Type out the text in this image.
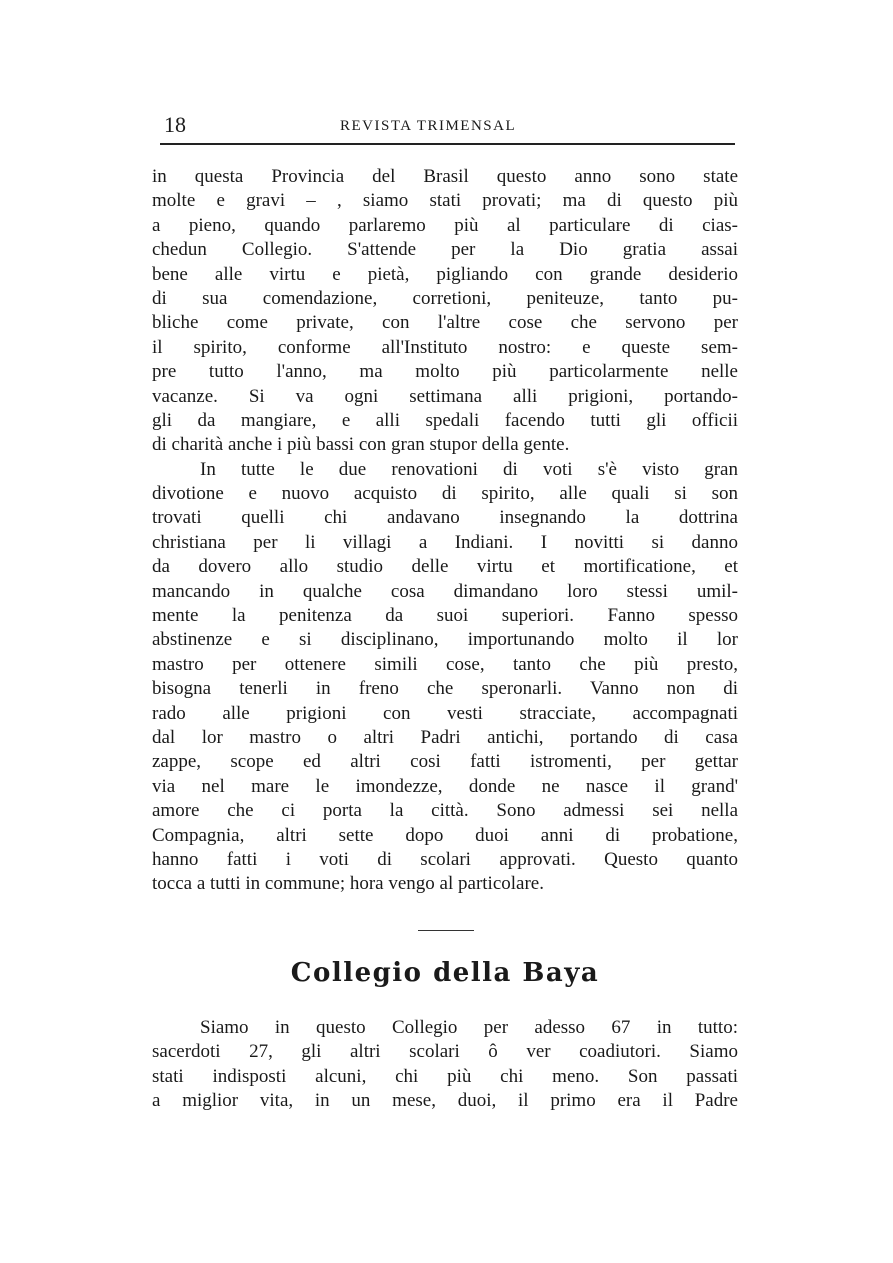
18	REVISTA TRIMENSAL
in questa Provincia del Brasil questo anno sono state
molte e gravi – , siamo stati provati; ma di questo più
a pieno, quando parlaremo più al particulare di cias-
chedun Collegio. S'attende per la Dio gratia assai
bene alle virtu e pietà, pigliando con grande desiderio
di sua comendazione, corretioni, peniteuze, tanto pu-
bliche come private, con l'altre cose che servono per
il spirito, conforme all'Instituto nostro: e queste sem-
pre tutto l'anno, ma molto più particolarmente nelle
vacanze. Si va ogni settimana alli prigioni, portando-
gli da mangiare, e alli spedali facendo tutti gli officii
di charità anche i più bassi con gran stupor della gente.
In tutte le due renovationi di voti s'è visto gran
divotione e nuovo acquisto di spirito, alle quali si son
trovati quelli chi andavano insegnando la dottrina
christiana per li villagi a Indiani. I novitti si danno
da dovero allo studio delle virtu et mortificatione, et
mancando in qualche cosa dimandano loro stessi umil-
mente la penitenza da suoi superiori. Fanno spesso
abstinenze e si disciplinano, importunando molto il lor
mastro per ottenere simili cose, tanto che più presto,
bisogna tenerli in freno che speronarli. Vanno non di
rado alle prigioni con vesti stracciate, accompagnati
dal lor mastro o altri Padri antichi, portando di casa
zappe, scope ed altri cosi fatti istromenti, per gettar
via nel mare le imondezze, donde ne nasce il grand'
amore che ci porta la città. Sono admessi sei nella
Compagnia, altri sette dopo duoi anni di probatione,
hanno fatti i voti di scolari approvati. Questo quanto
tocca a tutti in commune; hora vengo al particolare.
Collegio della Baya
Siamo in questo Collegio per adesso 67 in tutto:
sacerdoti 27, gli altri scolari ô ver coadiutori. Siamo
stati indisposti alcuni, chi più chi meno. Son passati
a miglior vita, in un mese, duoi, il primo era il Padre
